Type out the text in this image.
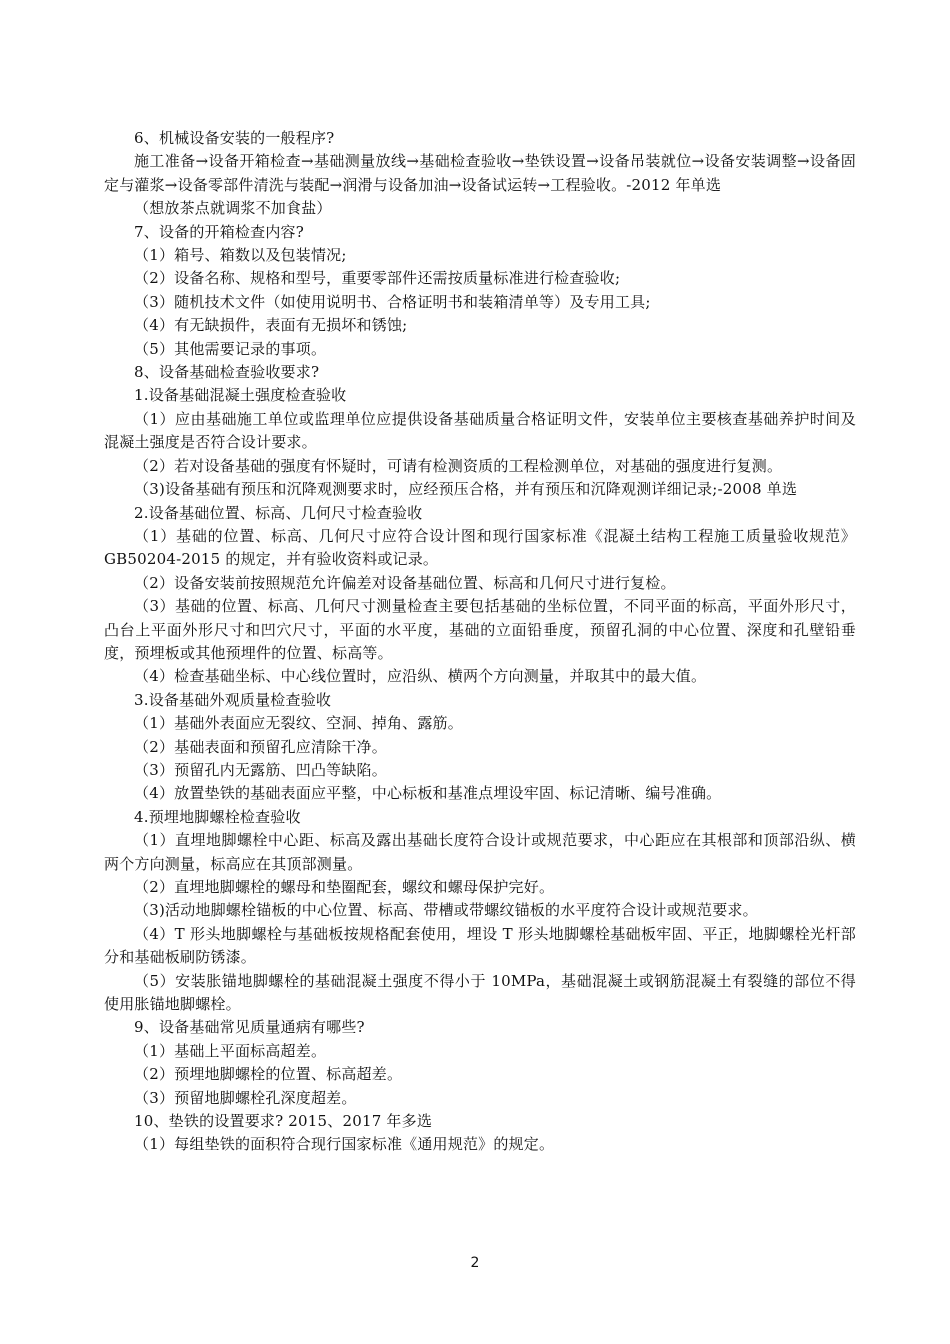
6、机械设备安装的一般程序?

施工准备→设备开箱检查→基础测量放线→基础检查验收→垫铁设置→设备吊装就位→设备安装调整→设备固定与灌浆→设备零部件清洗与装配→润滑与设备加油→设备试运转→工程验收。-2012 年单选

（想放茶点就调浆不加食盐）

7、设备的开箱检查内容?

（1）箱号、箱数以及包装情况;

（2）设备名称、规格和型号，重要零部件还需按质量标准进行检查验收;

（3）随机技术文件（如使用说明书、合格证明书和装箱清单等）及专用工具;

（4）有无缺损件，表面有无损坏和锈蚀;

（5）其他需要记录的事项。

8、设备基础检查验收要求?

1.设备基础混凝土强度检查验收

（1）应由基础施工单位或监理单位应提供设备基础质量合格证明文件，安装单位主要核查基础养护时间及混凝土强度是否符合设计要求。

（2）若对设备基础的强度有怀疑时，可请有检测资质的工程检测单位，对基础的强度进行复测。

（3)设备基础有预压和沉降观测要求时，应经预压合格，并有预压和沉降观测详细记录;-2008 单选

2.设备基础位置、标高、几何尺寸检查验收

（1）基础的位置、标高、几何尺寸应符合设计图和现行国家标准《混凝土结构工程施工质量验收规范》GB50204-2015 的规定，并有验收资料或记录。

（2）设备安装前按照规范允许偏差对设备基础位置、标高和几何尺寸进行复检。

（3）基础的位置、标高、几何尺寸测量检查主要包括基础的坐标位置，不同平面的标高，平面外形尺寸，凸台上平面外形尺寸和凹穴尺寸，平面的水平度，基础的立面铅垂度，预留孔洞的中心位置、深度和孔壁铅垂度，预埋板或其他预埋件的位置、标高等。

（4）检查基础坐标、中心线位置时，应沿纵、横两个方向测量，并取其中的最大值。

3.设备基础外观质量检查验收

（1）基础外表面应无裂纹、空洞、掉角、露筋。

（2）基础表面和预留孔应清除干净。

（3）预留孔内无露筋、凹凸等缺陷。

（4）放置垫铁的基础表面应平整，中心标板和基准点埋设牢固、标记清晰、编号准确。

4.预埋地脚螺栓检查验收

（1）直埋地脚螺栓中心距、标高及露出基础长度符合设计或规范要求，中心距应在其根部和顶部沿纵、横两个方向测量，标高应在其顶部测量。

（2）直埋地脚螺栓的螺母和垫圈配套，螺纹和螺母保护完好。

（3)活动地脚螺栓锚板的中心位置、标高、带槽或带螺纹锚板的水平度符合设计或规范要求。

（4）T 形头地脚螺栓与基础板按规格配套使用，埋设 T 形头地脚螺栓基础板牢固、平正，地脚螺栓光杆部分和基础板刷防锈漆。

（5）安装胀锚地脚螺栓的基础混凝土强度不得小于 10MPa，基础混凝土或钢筋混凝土有裂缝的部位不得使用胀锚地脚螺栓。

9、设备基础常见质量通病有哪些?

（1）基础上平面标高超差。

（2）预埋地脚螺栓的位置、标高超差。

（3）预留地脚螺栓孔深度超差。

10、垫铁的设置要求? 2015、2017 年多选

（1）每组垫铁的面积符合现行国家标准《通用规范》的规定。

2
